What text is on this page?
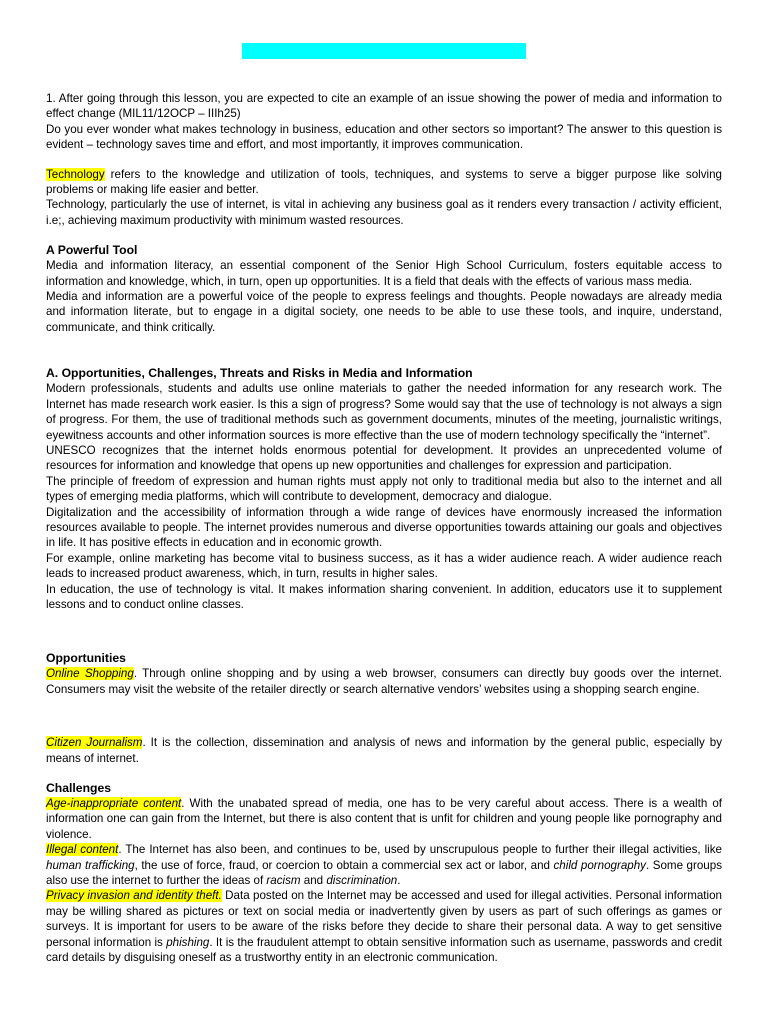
1. After going through this lesson, you are expected to cite an example of an issue showing the power of media and information to effect change (MIL11/12OCP – IIIh25)

Do you ever wonder what makes technology in business, education and other sectors so important? The answer to this question is evident – technology saves time and effort, and most importantly, it improves communication.

Technology refers to the knowledge and utilization of tools, techniques, and systems to serve a bigger purpose like solving problems or making life easier and better.

Technology, particularly the use of internet, is vital in achieving any business goal as it renders every transaction / activity efficient, i.e;, achieving maximum productivity with minimum wasted resources.

A Powerful Tool

Media and information literacy, an essential component of the Senior High School Curriculum, fosters equitable access to information and knowledge, which, in turn, open up opportunities. It is a field that deals with the effects of various mass media.

Media and information are a powerful voice of the people to express feelings and thoughts. People nowadays are already media and information literate, but to engage in a digital society, one needs to be able to use these tools, and inquire, understand, communicate, and think critically.

A. Opportunities, Challenges, Threats and Risks in Media and Information

Modern professionals, students and adults use online materials to gather the needed information for any research work. The Internet has made research work easier. Is this a sign of progress? Some would say that the use of technology is not always a sign of progress. For them, the use of traditional methods such as government documents, minutes of the meeting, journalistic writings, eyewitness accounts and other information sources is more effective than the use of modern technology specifically the “internet”.

UNESCO recognizes that the internet holds enormous potential for development. It provides an unprecedented volume of resources for information and knowledge that opens up new opportunities and challenges for expression and participation.

The principle of freedom of expression and human rights must apply not only to traditional media but also to the internet and all types of emerging media platforms, which will contribute to development, democracy and dialogue.

Digitalization and the accessibility of information through a wide range of devices have enormously increased the information resources available to people. The internet provides numerous and diverse opportunities towards attaining our goals and objectives in life. It has positive effects in education and in economic growth.

For example, online marketing has become vital to business success, as it has a wider audience reach. A wider audience reach leads to increased product awareness, which, in turn, results in higher sales.

In education, the use of technology is vital. It makes information sharing convenient. In addition, educators use it to supplement lessons and to conduct online classes.

Opportunities

Online Shopping. Through online shopping and by using a web browser, consumers can directly buy goods over the internet. Consumers may visit the website of the retailer directly or search alternative vendors’ websites using a shopping search engine.

Citizen Journalism. It is the collection, dissemination and analysis of news and information by the general public, especially by means of internet.

Challenges

Age-inappropriate content. With the unabated spread of media, one has to be very careful about access. There is a wealth of information one can gain from the Internet, but there is also content that is unfit for children and young people like pornography and violence.

Illegal content. The Internet has also been, and continues to be, used by unscrupulous people to further their illegal activities, like human trafficking, the use of force, fraud, or coercion to obtain a commercial sex act or labor, and child pornography. Some groups also use the internet to further the ideas of racism and discrimination.

Privacy invasion and identity theft. Data posted on the Internet may be accessed and used for illegal activities. Personal information may be willing shared as pictures or text on social media or inadvertently given by users as part of such offerings as games or surveys. It is important for users to be aware of the risks before they decide to share their personal data. A way to get sensitive personal information is phishing. It is the fraudulent attempt to obtain sensitive information such as username, passwords and credit card details by disguising oneself as a trustworthy entity in an electronic communication.
